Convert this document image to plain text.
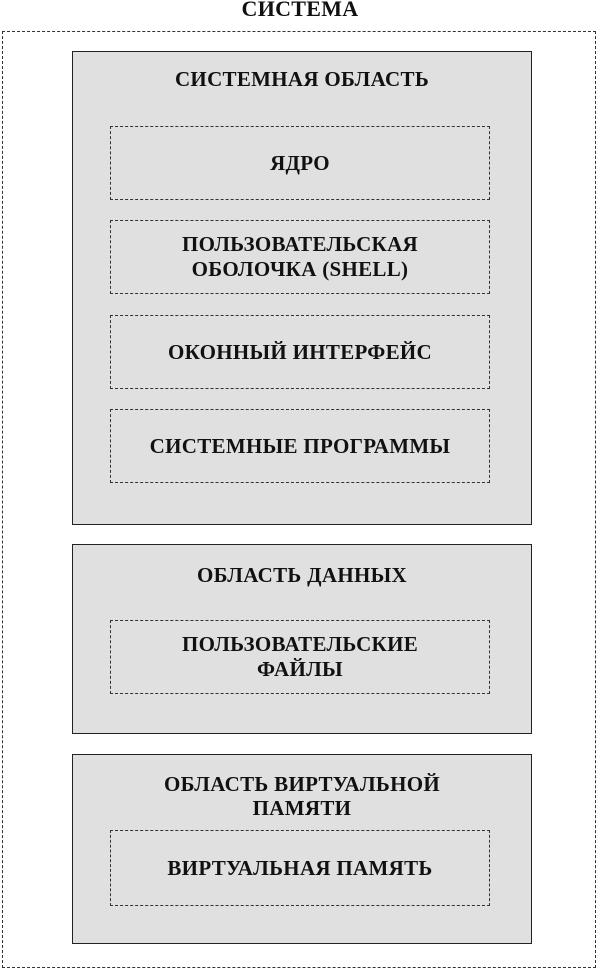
СИСТЕМА
СИСТЕМНАЯ ОБЛАСТЬ
ЯДРО
ПОЛЬЗОВАТЕЛЬСКАЯ
ОБОЛОЧКА (SHELL)
ОКОННЫЙ ИНТЕРФЕЙС
СИСТЕМНЫЕ ПРОГРАММЫ
ОБЛАСТЬ ДАННЫХ
ПОЛЬЗОВАТЕЛЬСКИЕ
ФАЙЛЫ
ОБЛАСТЬ ВИРТУАЛЬНОЙ
ПАМЯТИ
ВИРТУАЛЬНАЯ ПАМЯТЬ
